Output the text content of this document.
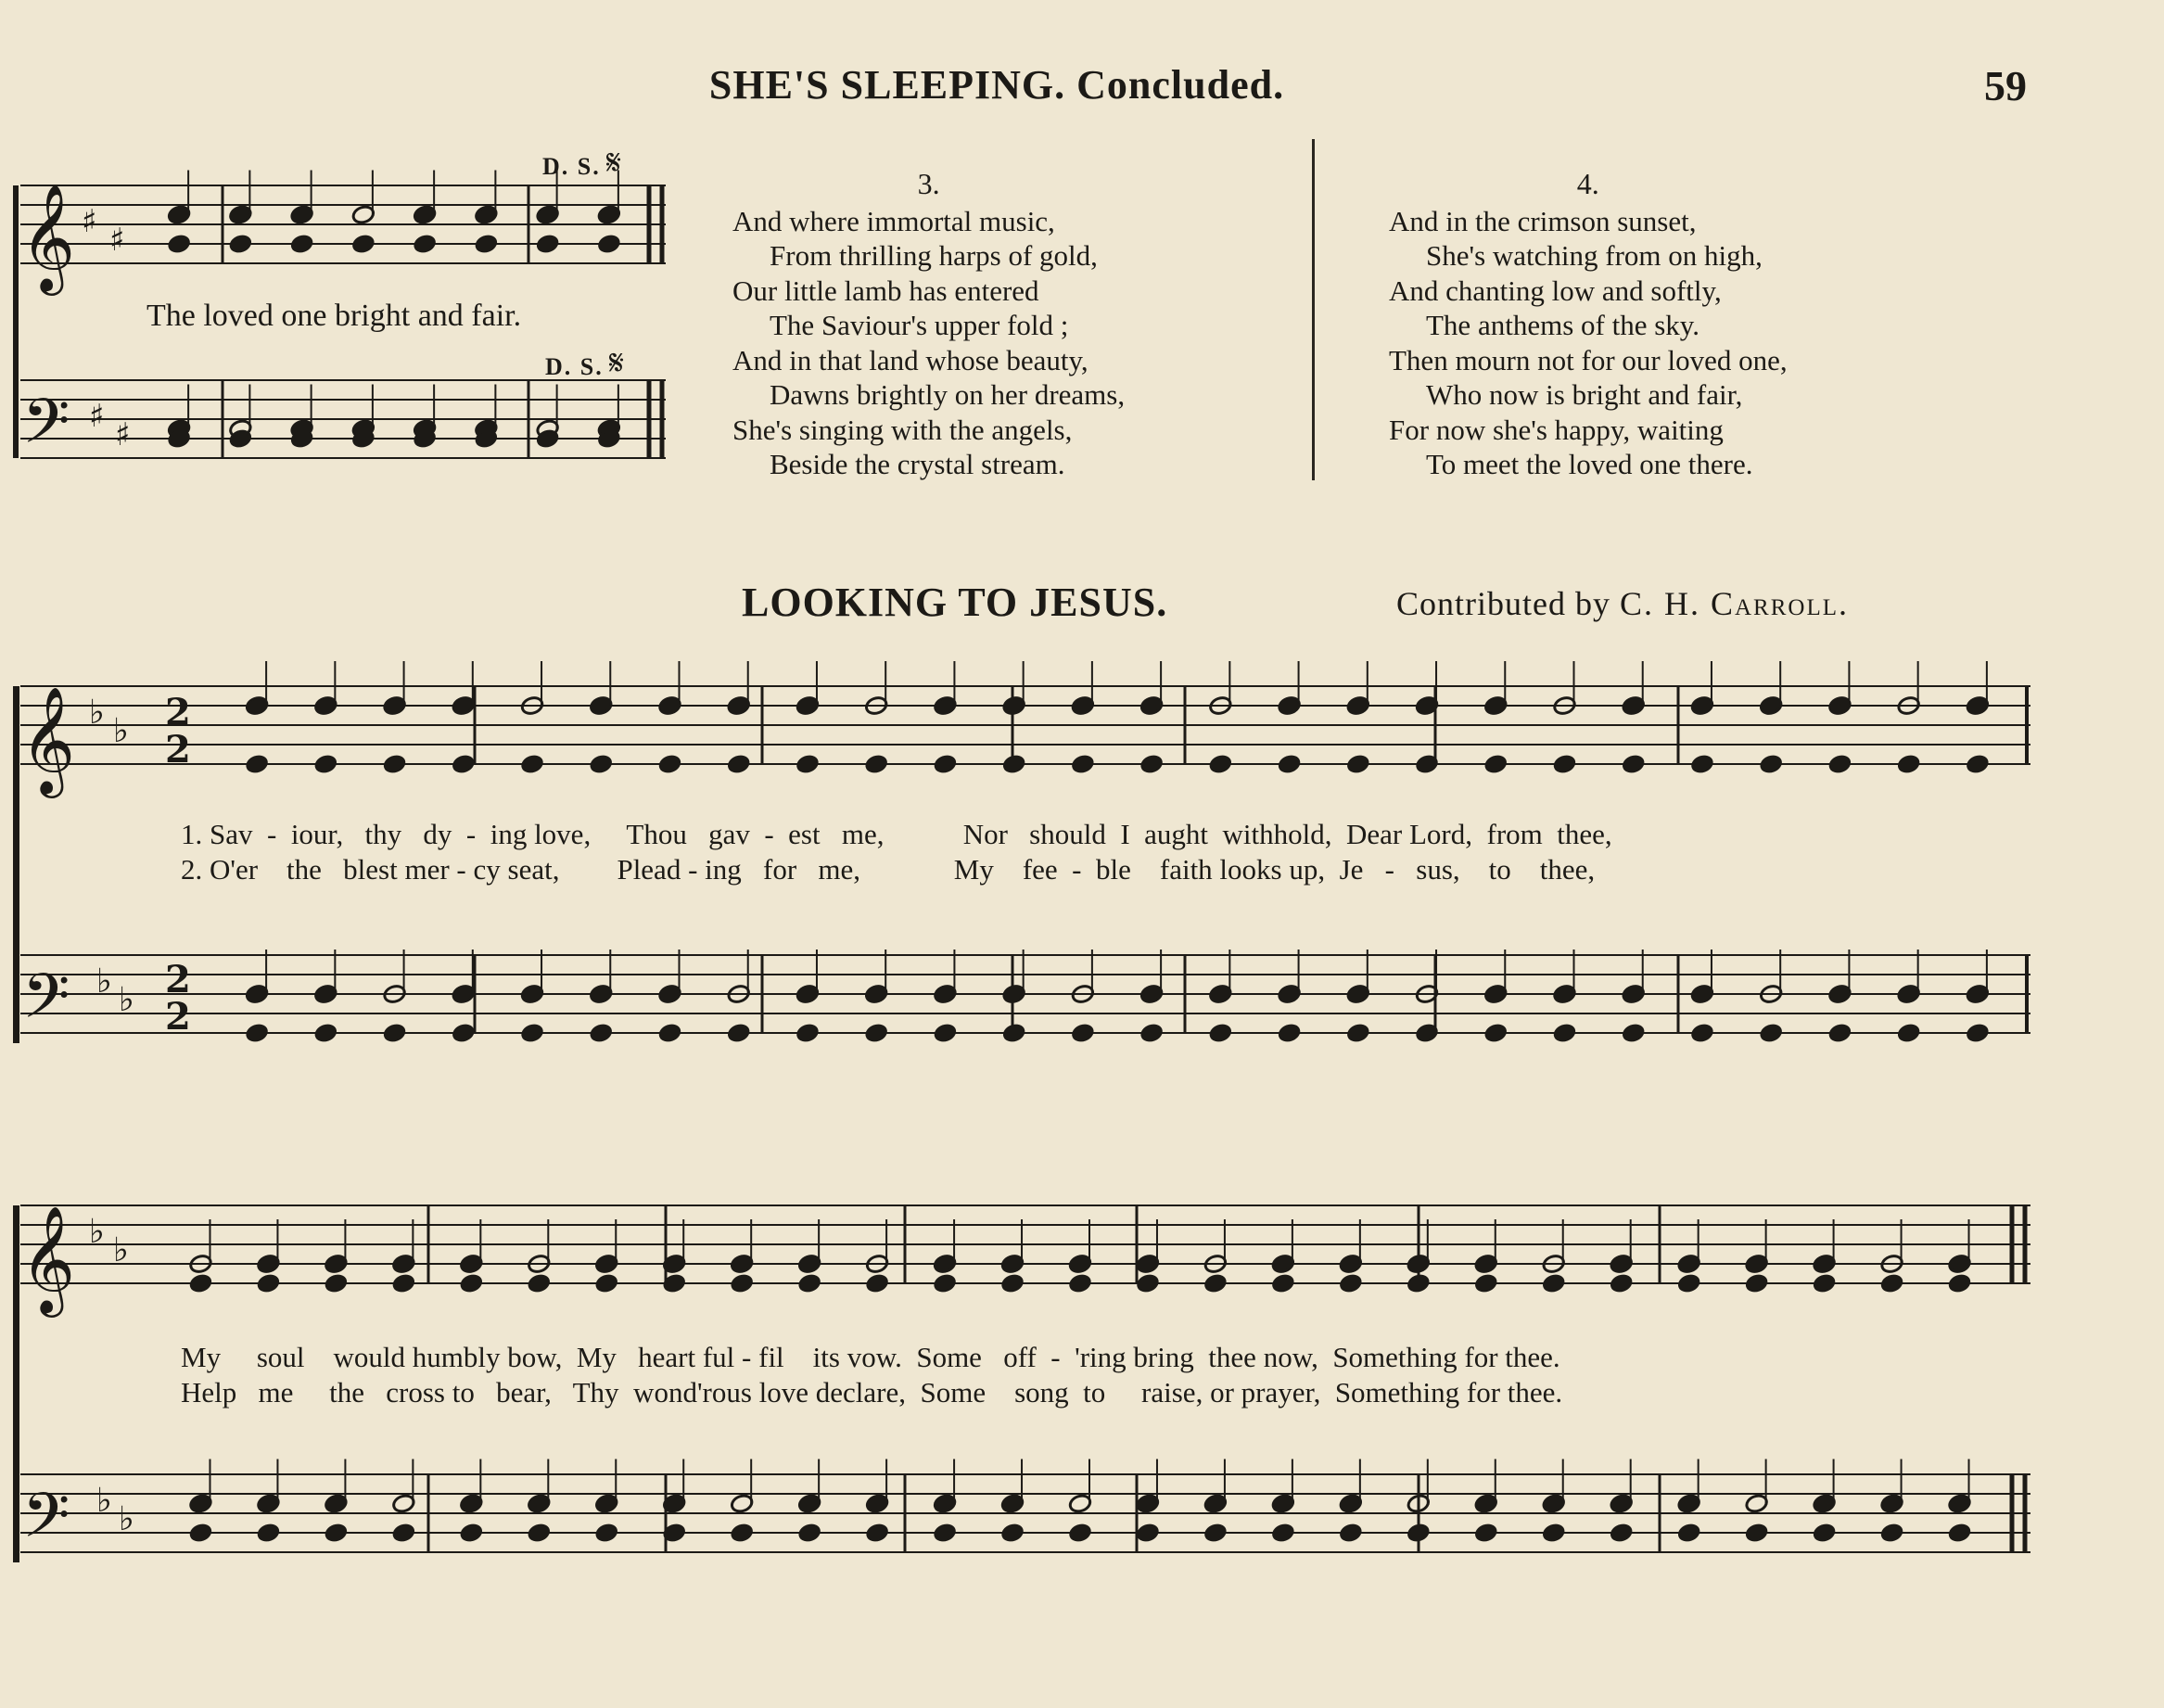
SHE'S SLEEPING. Concluded.	59
D. S. 𝄋
D. S. 𝄋
The loved one bright and fair.
3.
And where immortal music,
From thrilling harps of gold,
Our little lamb has entered
The Saviour's upper fold ;
And in that land whose beauty,
Dawns brightly on her dreams,
She's singing with the angels,
Beside the crystal stream.
4.
And in the crimson sunset,
She's watching from on high,
And chanting low and softly,
The anthems of the sky.
Then mourn not for our loved one,
Who now is bright and fair,
For now she's happy, waiting
To meet the loved one there.
LOOKING TO JESUS.	Contributed by C. H. Carroll.
1. Sav  -  iour,   thy   dy  -  ing love,     Thou   gav  -  est   me,           Nor   should  I  aught  withhold,  Dear Lord,  from  thee,
2. O'er    the   blest mer - cy seat,        Plead - ing   for   me,             My    fee  -  ble    faith looks up,  Je   -   sus,    to    thee,
My     soul    would humbly bow,  My   heart ful - fil    its vow.  Some   off  -  'ring bring  thee now,  Something for thee.
Help   me     the   cross to   bear,   Thy  wond'rous love declare,  Some    song  to     raise, or prayer,  Something for thee.
𝄞
𝄢
♯ ♯
♯ ♯
𝄞
𝄢
♭ ♭
♭ ♭
2
2
2
2
𝄞
𝄢
♭ ♭
♭ ♭
